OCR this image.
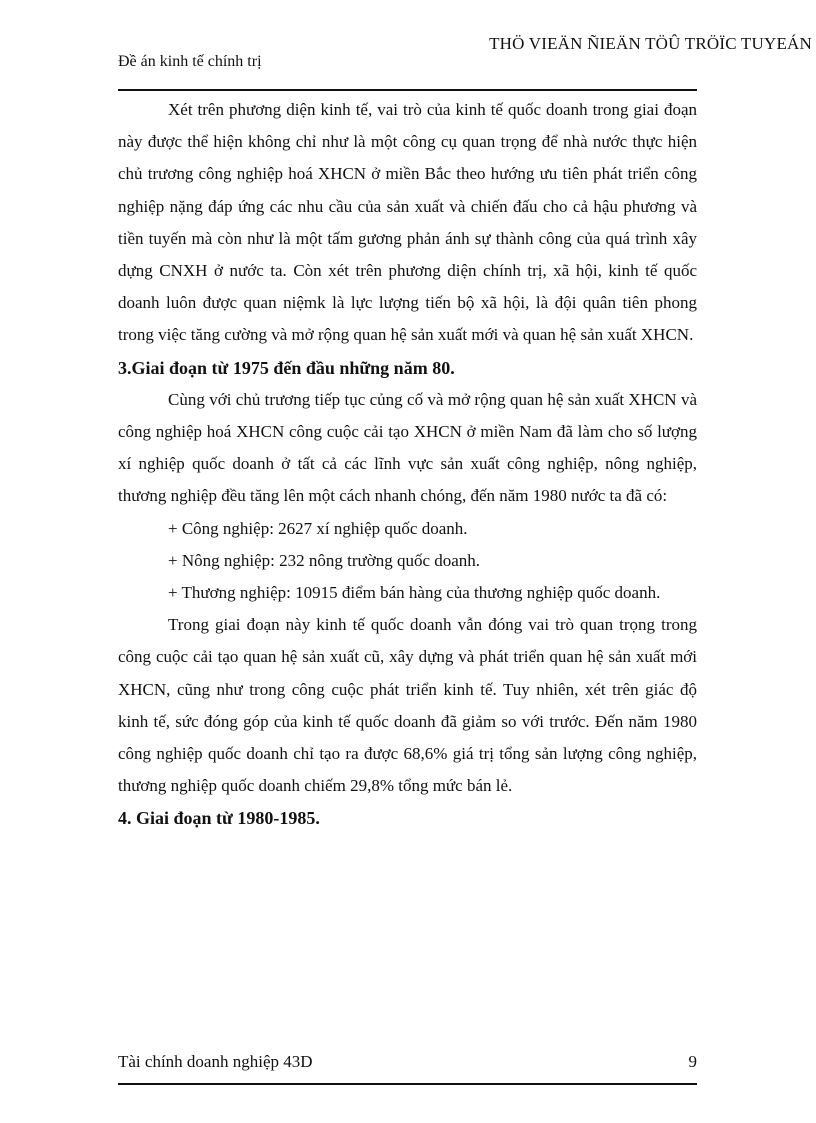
THÖ VIEÄN ÑIEÄN TÖÛ TRÖÏC TUYEÁN
Đề án kinh tế chính trị

Xét trên phương diện kinh tế, vai trò của kinh tế quốc doanh trong giai đoạn này được thể hiện không chỉ như là một công cụ quan trọng để nhà nước thực hiện chủ trương công nghiệp hoá XHCN ở miền Bắc theo hướng ưu tiên phát triển công nghiệp nặng đáp ứng các nhu cầu của sản xuất và chiến đấu cho cả hậu phương và tiền tuyến mà còn như là một tấm gương phản ánh sự thành công của quá trình xây dựng CNXH ở nước ta. Còn xét trên phương diện chính trị, xã hội, kinh tế quốc doanh luôn được quan niệmk là lực lượng tiến bộ xã hội, là đội quân tiên phong trong việc tăng cường và mở rộng quan hệ sản xuất mới và quan hệ sản xuất XHCN.

3.Giai đoạn từ 1975 đến đầu những năm 80.

Cùng với chủ trương tiếp tục củng cố và mở rộng quan hệ sản xuất XHCN và công nghiệp hoá XHCN công cuộc cải tạo XHCN ở miền Nam đã làm cho số lượng xí nghiệp quốc doanh ở tất cả các lĩnh vực sản xuất công nghiệp, nông nghiệp, thương nghiệp đều tăng lên một cách nhanh chóng, đến năm 1980 nước ta đã có:

+ Công nghiệp: 2627 xí nghiệp quốc doanh.

+ Nông nghiệp: 232 nông trường quốc doanh.

+ Thương nghiệp: 10915 điểm bán hàng của thương nghiệp quốc doanh.

Trong giai đoạn này kinh tế quốc doanh vẫn đóng vai trò quan trọng trong công cuộc cải tạo quan hệ sản xuất cũ, xây dựng và phát triển quan hệ sản xuất mới XHCN, cũng như trong công cuộc phát triển kinh tế. Tuy nhiên, xét trên giác độ kinh tế, sức đóng góp của kinh tế quốc doanh đã giảm so với trước. Đến năm 1980 công nghiệp quốc doanh chỉ tạo ra được 68,6% giá trị tổng sản lượng công nghiệp, thương nghiệp quốc doanh chiếm 29,8% tổng mức bán lẻ.

4. Giai đoạn từ 1980-1985.

Tài chính doanh nghiệp 43D	9
